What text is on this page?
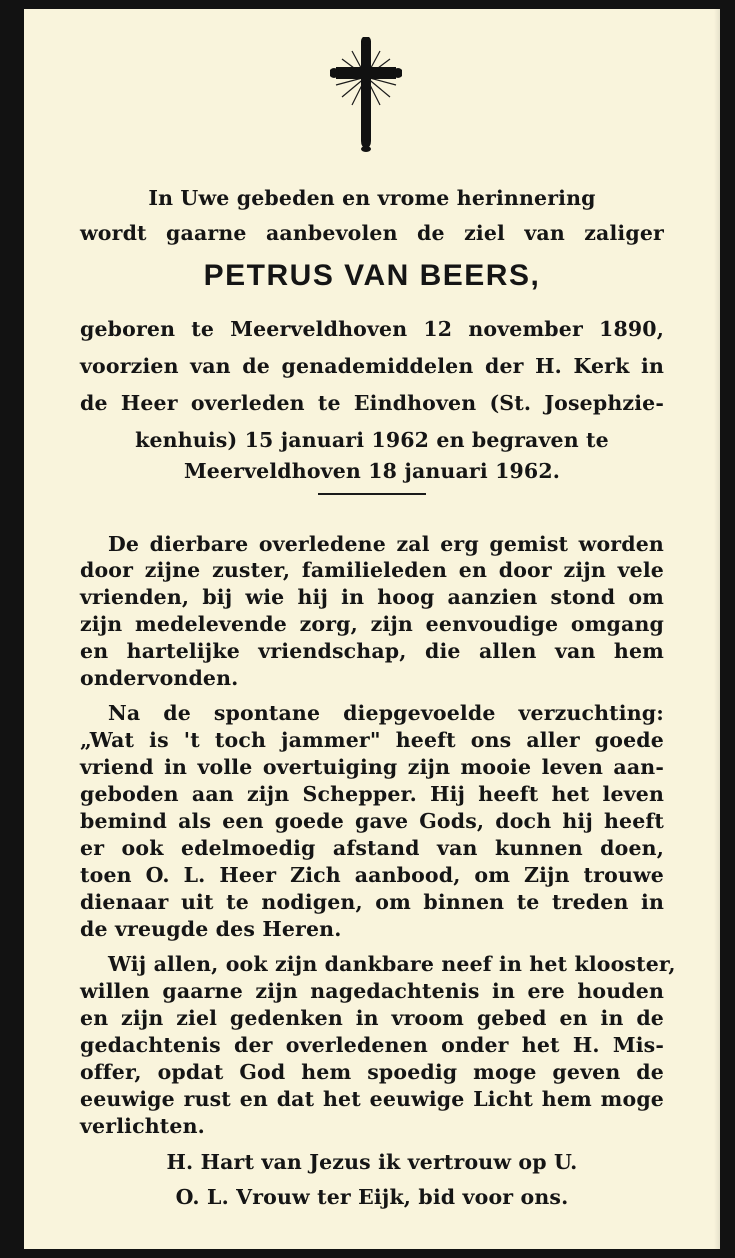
In Uwe gebeden en vrome herinnering
wordt gaarne aanbevolen de ziel van zaliger
PETRUS VAN BEERS,
geboren te Meerveldhoven 12 november 1890,
voorzien van de genademiddelen der H. Kerk in
de Heer overleden te Eindhoven (St. Josephzie-
kenhuis) 15 januari 1962 en begraven te
Meerveldhoven 18 januari 1962.
De dierbare overledene zal erg gemist worden
door zijne zuster, familieleden en door zijn vele
vrienden, bij wie hij in hoog aanzien stond om
zijn medelevende zorg, zijn eenvoudige omgang
en hartelijke vriendschap, die allen van hem
ondervonden.
Na de spontane diepgevoelde verzuchting:
„Wat is 't toch jammer" heeft ons aller goede
vriend in volle overtuiging zijn mooie leven aan-
geboden aan zijn Schepper. Hij heeft het leven
bemind als een goede gave Gods, doch hij heeft
er ook edelmoedig afstand van kunnen doen,
toen O. L. Heer Zich aanbood, om Zijn trouwe
dienaar uit te nodigen, om binnen te treden in
de vreugde des Heren.
Wij allen, ook zijn dankbare neef in het klooster,
willen gaarne zijn nagedachtenis in ere houden
en zijn ziel gedenken in vroom gebed en in de
gedachtenis der overledenen onder het H. Mis-
offer, opdat God hem spoedig moge geven de
eeuwige rust en dat het eeuwige Licht hem moge
verlichten.
H. Hart van Jezus ik vertrouw op U.
O. L. Vrouw ter Eijk, bid voor ons.
